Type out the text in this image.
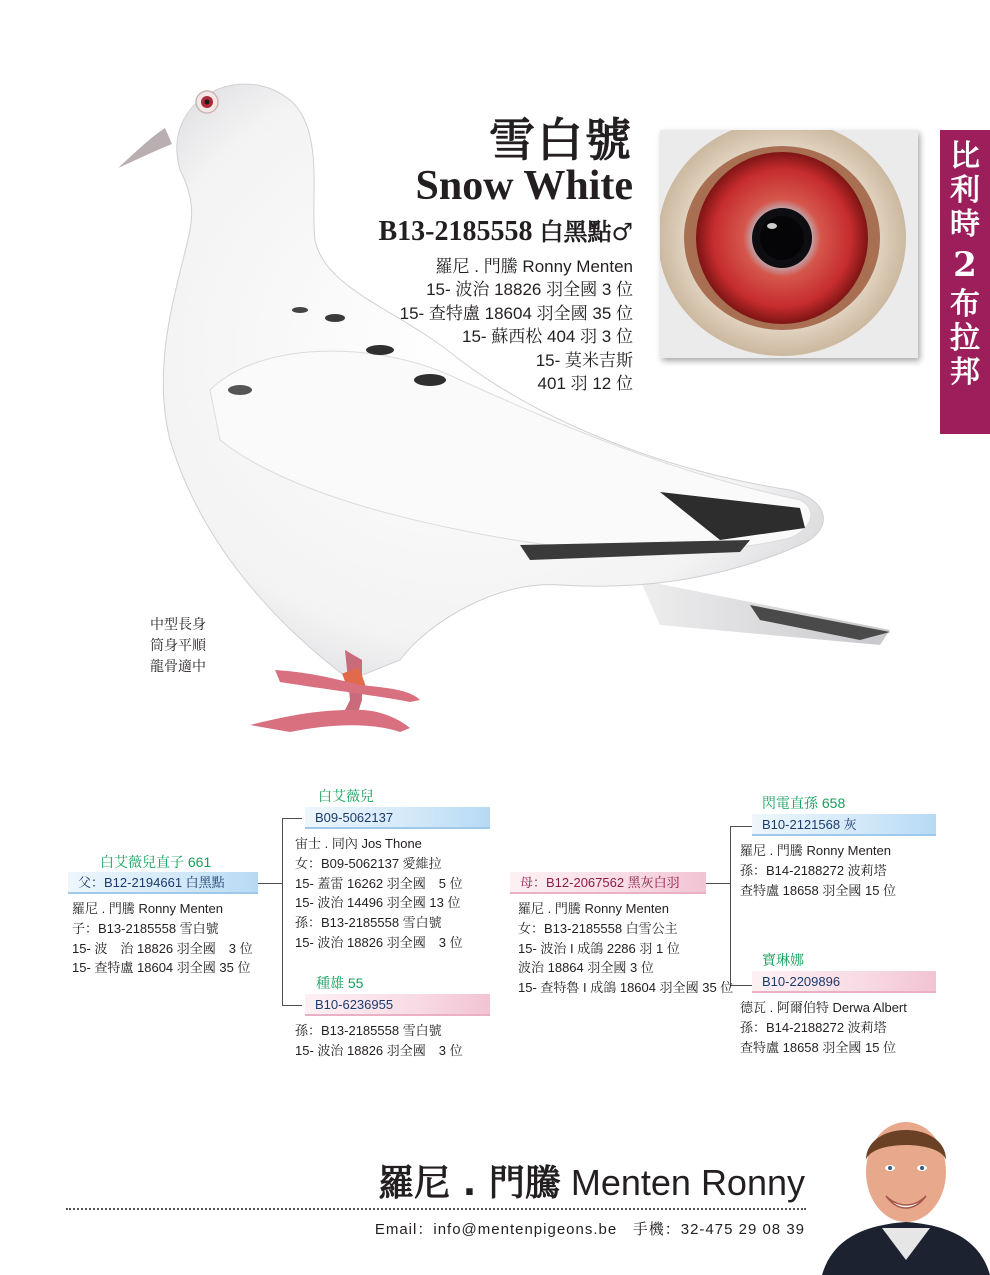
比
利
時
2
布
拉
邦
雪白號
Snow White
B13-2185558 白黑點♂
羅尼 . 門騰 Ronny Menten
15- 波治 18826 羽全國 3 位
15- 查特盧 18604 羽全國 35 位
15- 蘇西松 404 羽 3 位
15- 莫米吉斯
401 羽 12 位
中型長身
筒身平順
龍骨適中
白艾薇兒直子 661
父：B12-2194661 白黑點
羅尼 . 門騰 Ronny Menten
子：B13-2185558 雪白號
15- 波　治 18826 羽全國　3 位
15- 查特盧 18604 羽全國 35 位
白艾薇兒
B09-5062137
宙士 . 同內 Jos Thone
女：B09-5062137 愛維拉
15- 蓋雷 16262 羽全國　5 位
15- 波治 14496 羽全國 13 位
孫：B13-2185558 雪白號
15- 波治 18826 羽全國　3 位
種雄 55
B10-6236955
孫：B13-2185558 雪白號
15- 波治 18826 羽全國　3 位
母：B12-2067562 黑灰白羽
羅尼 . 門騰 Ronny Menten
女：B13-2185558 白雪公主
15- 波治 I 成鴿 2286 羽 1 位
波治 18864 羽全國 3 位
15- 查特魯 I 成鴿 18604 羽全國 35 位
閃電直孫 658
B10-2121568 灰
羅尼 . 門騰 Ronny Menten
孫：B14-2188272 波莉塔
查特盧 18658 羽全國 15 位
寶琳娜
B10-2209896
德瓦 . 阿爾伯特 Derwa Albert
孫：B14-2188272 波莉塔
查特盧 18658 羽全國 15 位
羅尼 . 門騰 Menten Ronny
Email：info@mentenpigeons.be 手機：32-475 29 08 39
